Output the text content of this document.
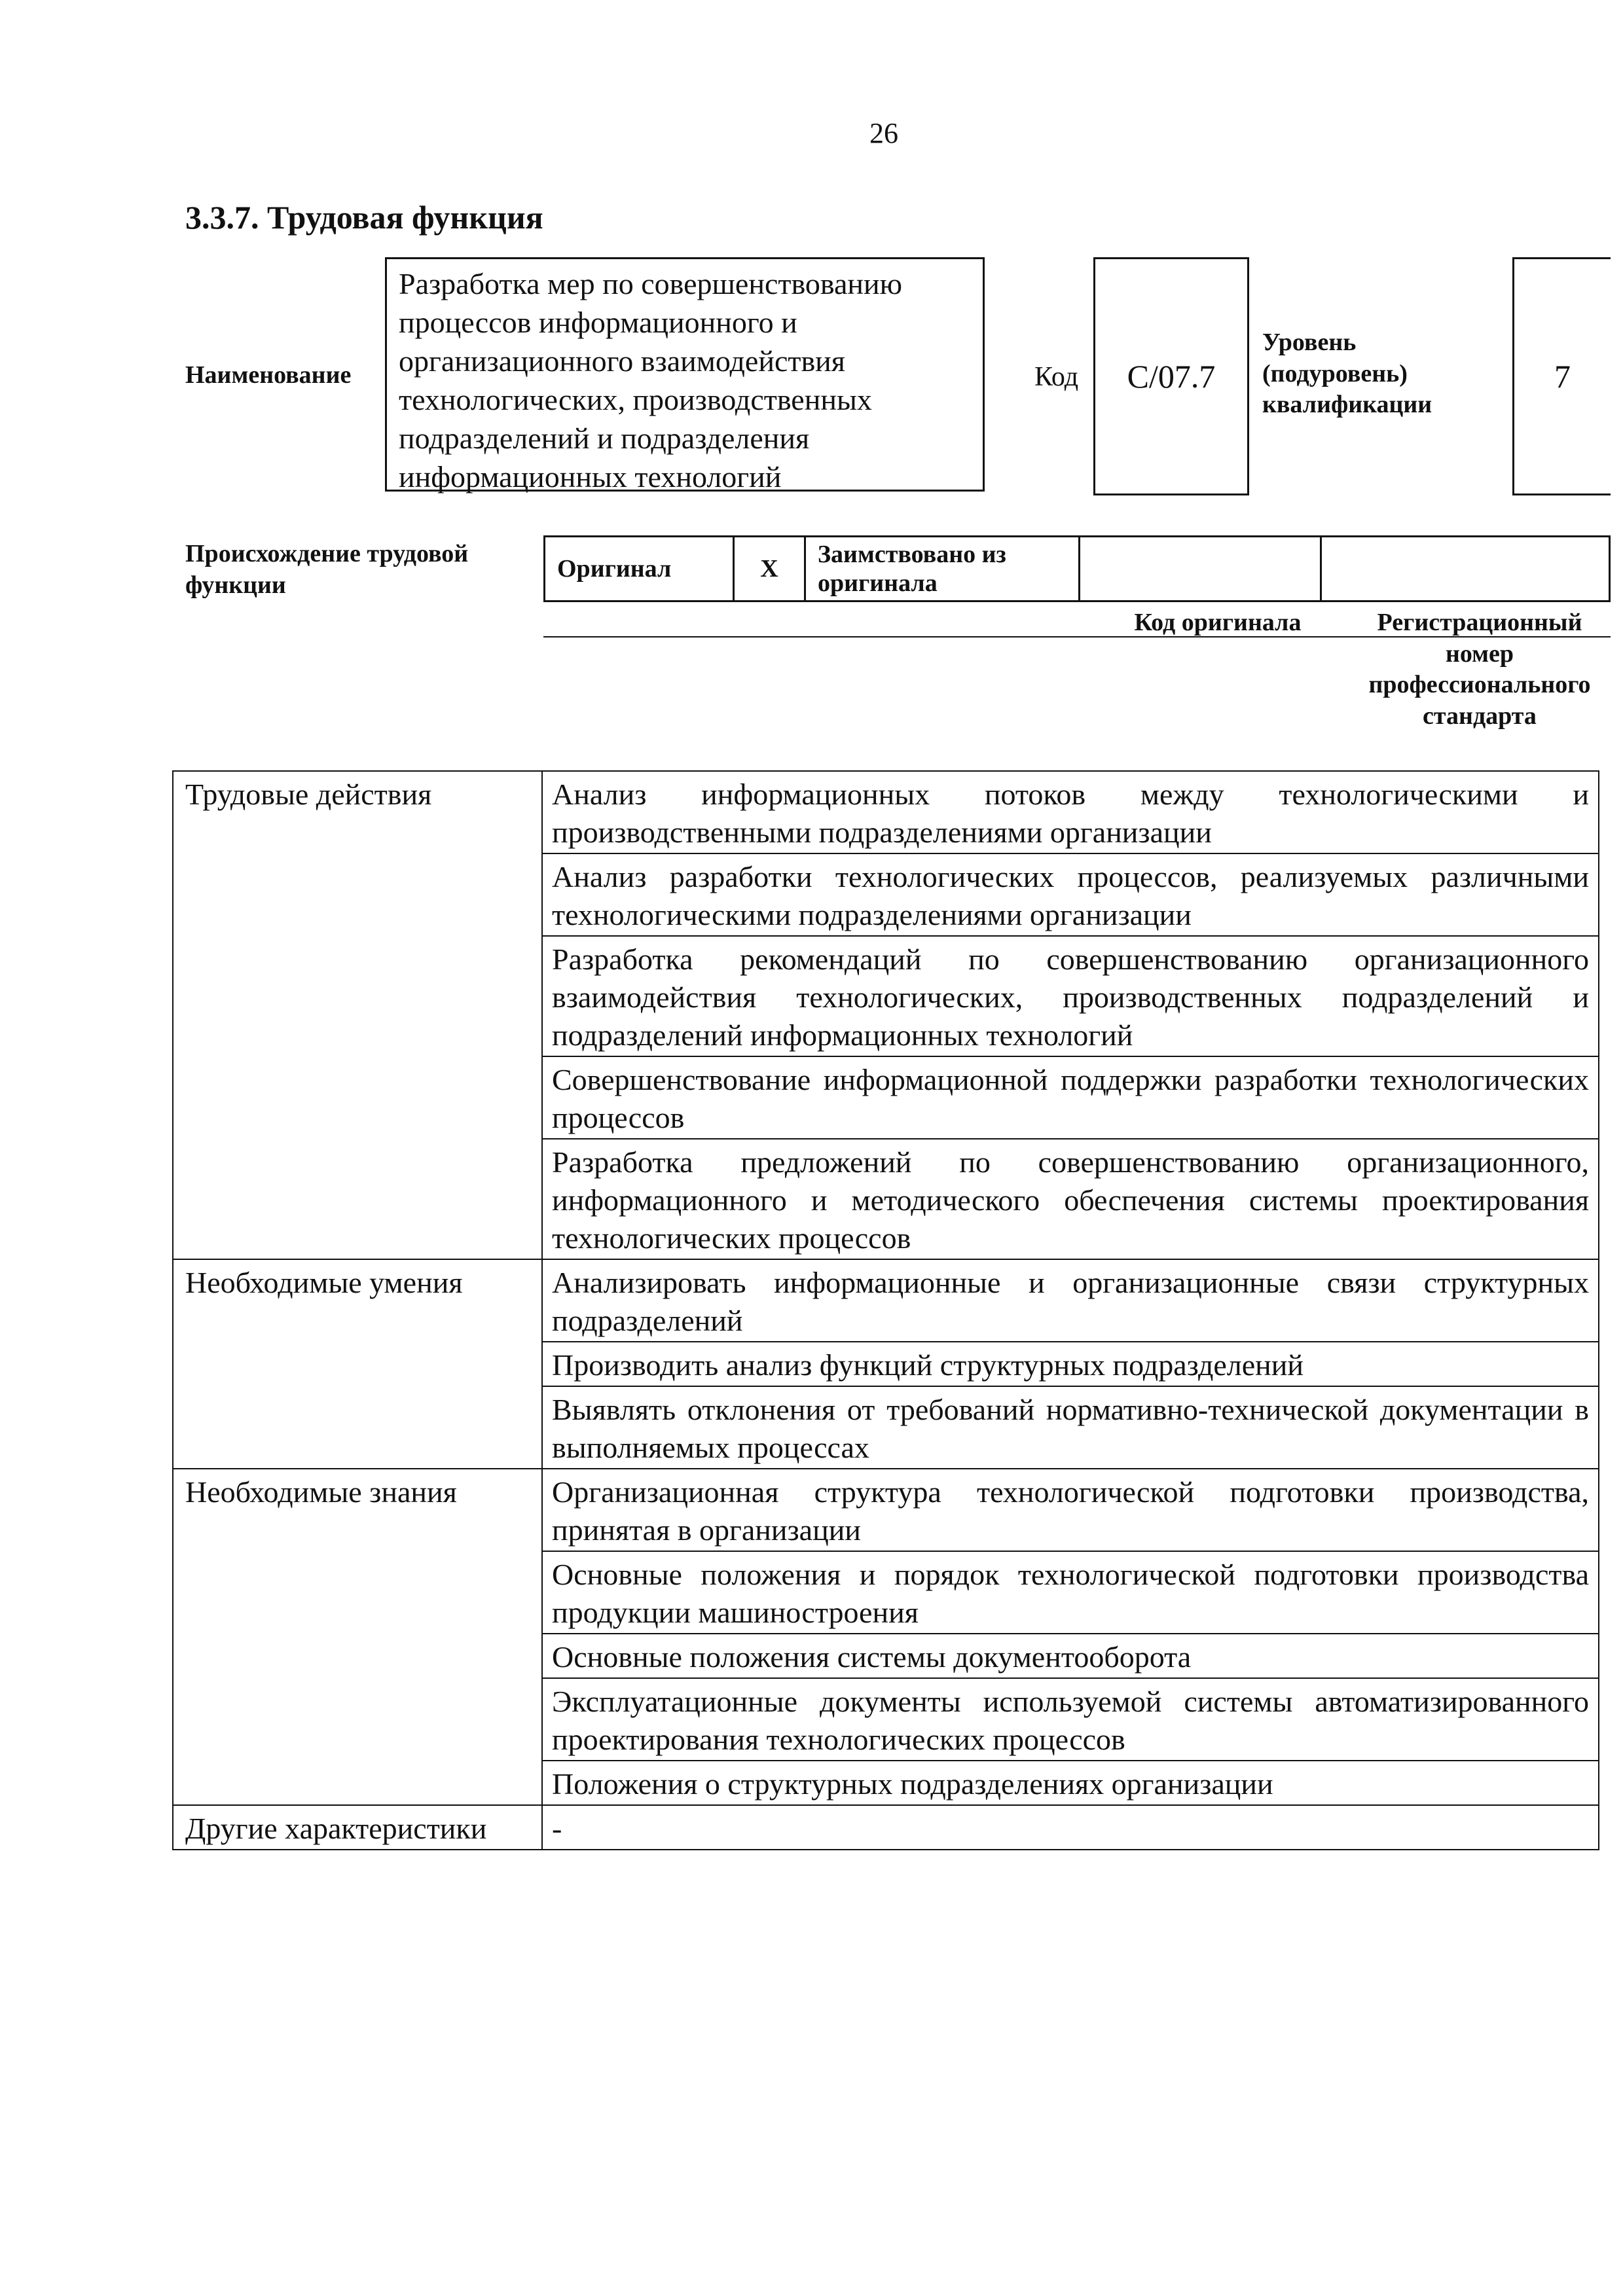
26
3.3.7. Трудовая функция
Наименование
Разработка мер по совершенствованию процессов информационного и организационного взаимодействия технологических, производственных подразделений и подразделения информационных технологий
Код	C/07.7
Уровень (подуровень) квалификации
7
Происхождение трудовой функции
Оригинал	X	Заимствовано из оригинала		
Код оригинала	Регистрационный номер профессионального стандарта
Трудовые действия	Анализ информационных потоков между технологическими и производственными подразделениями организации
	Анализ разработки технологических процессов, реализуемых различными технологическими подразделениями организации
	Разработка рекомендаций по совершенствованию организационного взаимодействия технологических, производственных подразделений и подразделений информационных технологий
	Совершенствование информационной поддержки разработки технологических процессов
	Разработка предложений по совершенствованию организационного, информационного и методического обеспечения системы проектирования технологических процессов
Необходимые умения	Анализировать информационные и организационные связи структурных подразделений
	Производить анализ функций структурных подразделений
	Выявлять отклонения от требований нормативно-технической документации в выполняемых процессах
Необходимые знания	Организационная структура технологической подготовки производства, принятая в организации
	Основные положения и порядок технологической подготовки производства продукции машиностроения
	Основные положения системы документооборота
	Эксплуатационные документы используемой системы автоматизированного проектирования технологических процессов
	Положения о структурных подразделениях организации
Другие характеристики	-
